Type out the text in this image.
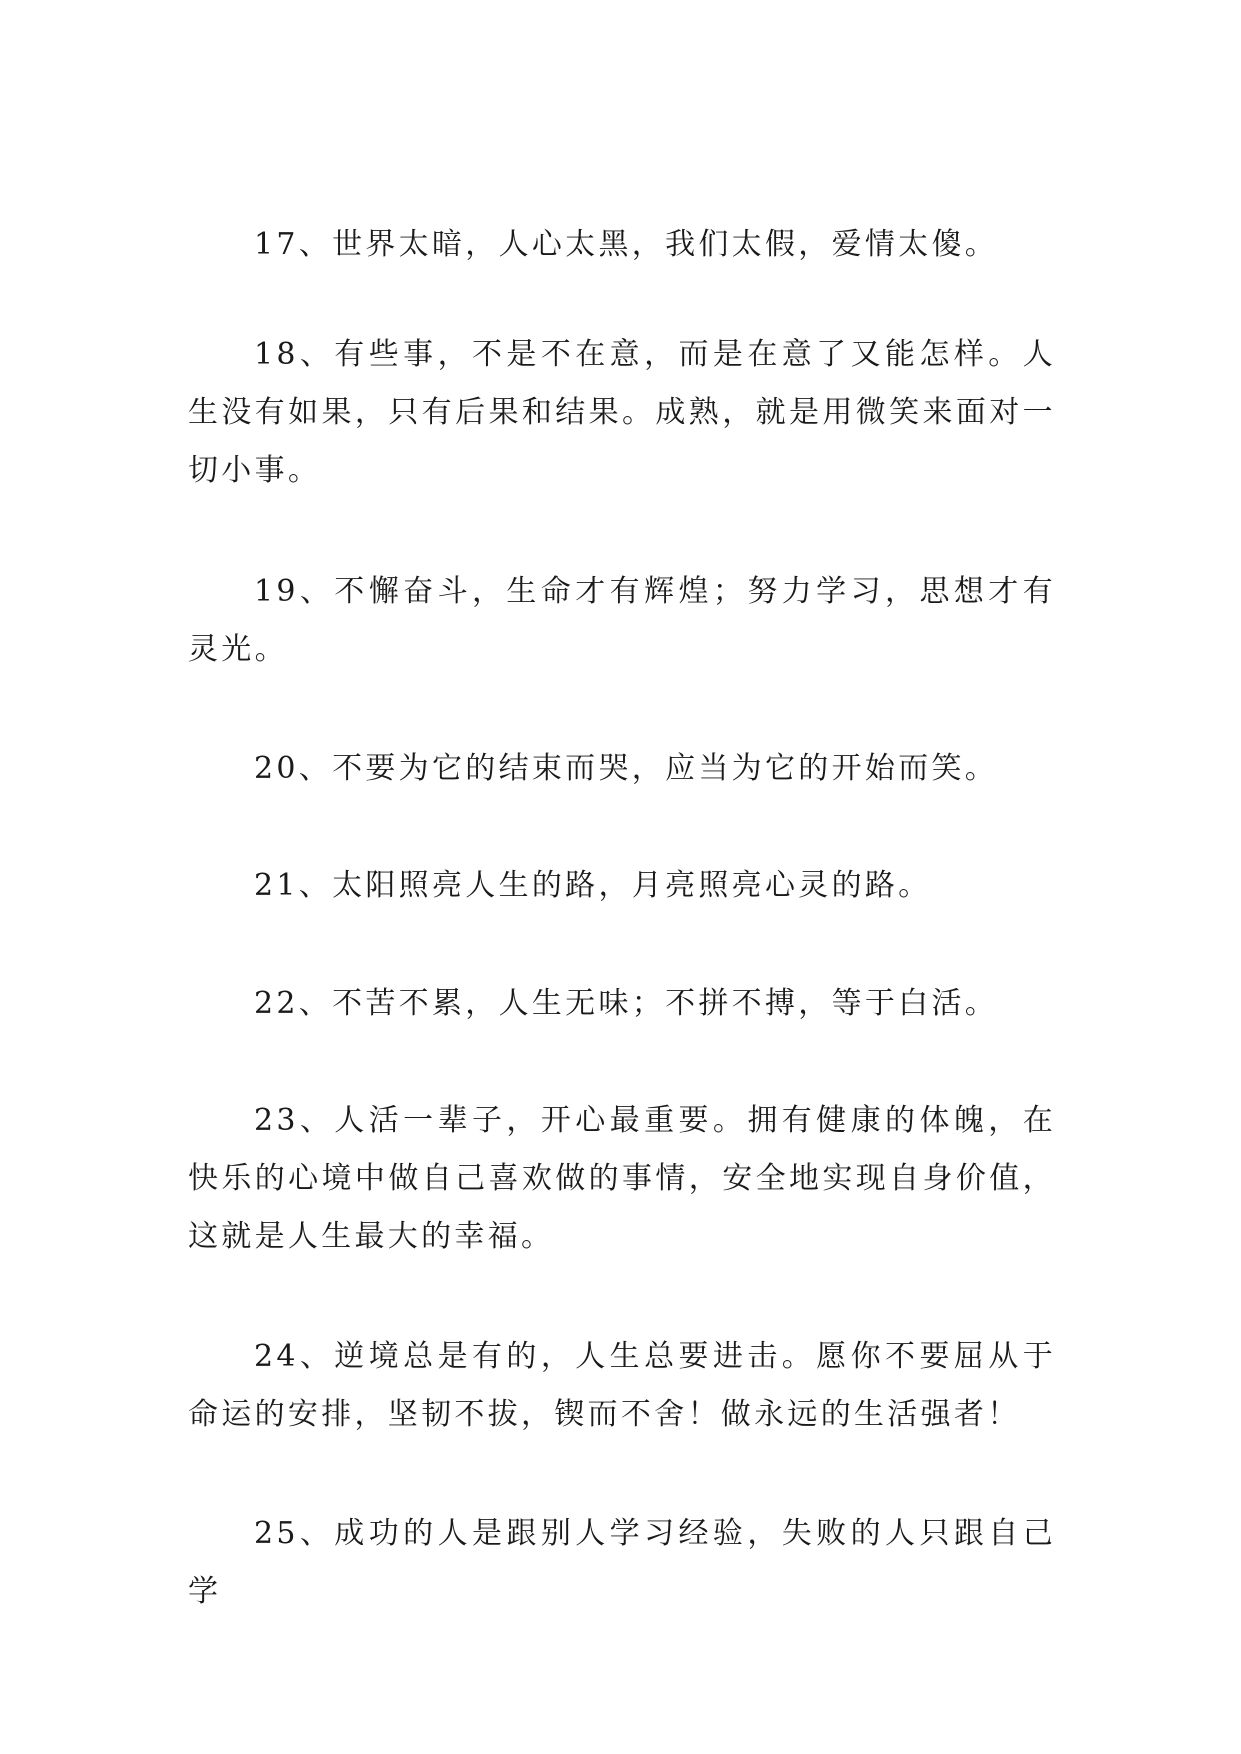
17、世界太暗，人心太黑，我们太假，爱情太傻。

18、有些事，不是不在意，而是在意了又能怎样。人生没有如果，只有后果和结果。成熟，就是用微笑来面对一切小事。

19、不懈奋斗，生命才有辉煌；努力学习，思想才有灵光。

20、不要为它的结束而哭，应当为它的开始而笑。

21、太阳照亮人生的路，月亮照亮心灵的路。

22、不苦不累，人生无味；不拼不搏，等于白活。

23、人活一辈子，开心最重要。拥有健康的体魄，在快乐的心境中做自己喜欢做的事情，安全地实现自身价值，这就是人生最大的幸福。

24、逆境总是有的，人生总要进击。愿你不要屈从于命运的安排，坚韧不拔，锲而不舍！做永远的生活强者！

25、成功的人是跟别人学习经验，失败的人只跟自己学
